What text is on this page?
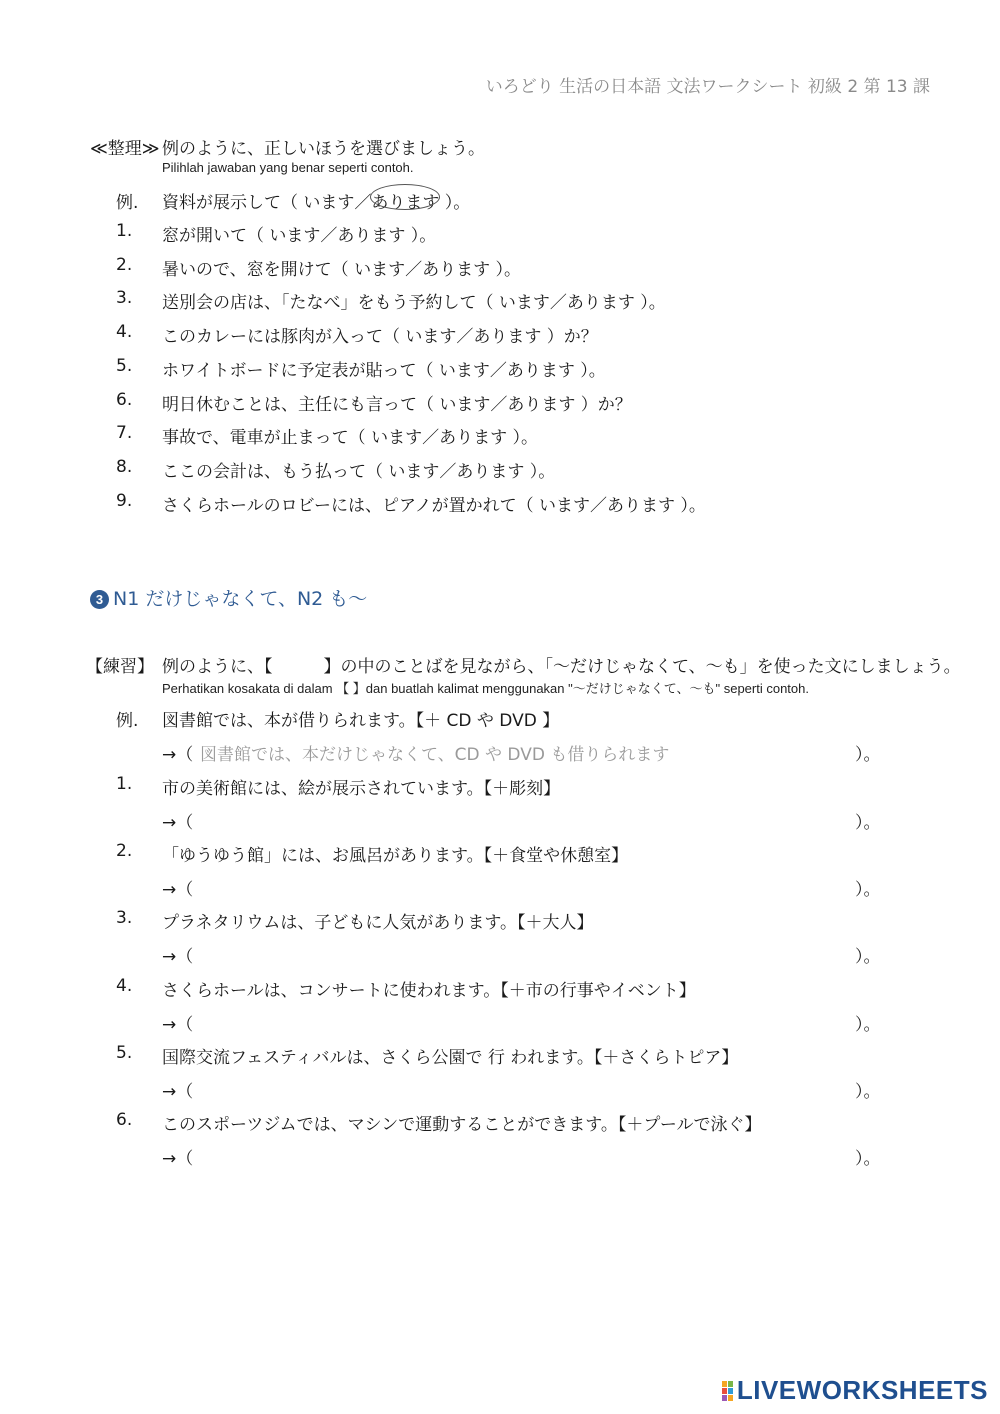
いろどり 生活の日本語 文法ワークシート 初級 2 第 13 課
≪整理≫ 例のように、正しいほうを選びましょう。
Pilihlah jawaban yang benar seperti contoh.
例. 資料が展示して（ います／あります ）。
1. 窓が開いて（ います／あります ）。
2. 暑いので、窓を開けて（ います／あります ）。
3. 送別会の店は、「たなべ」をもう予約して（ います／あります ）。
4. このカレーには豚肉が入って（ います／あります ）か？
5. ホワイトボードに予定表が貼って（ います／あります ）。
6. 明日休むことは、主任にも言って（ います／あります ）か？
7. 事故で、電車が止まって（ います／あります ）。
8. ここの会計は、もう払って（ います／あります ）。
9. さくらホールのロビーには、ピアノが置かれて（ います／あります ）。
3 N1 だけじゃなくて、N2 も〜
【練習】 例のように、【　　　】の中のことばを見ながら、「〜だけじゃなくて、〜も」を使った文にしましょう。
Perhatikan kosakata di dalam 【 】dan buatlah kalimat menggunakan "〜だけじゃなくて、〜も" seperti contoh.
例. 図書館では、本が借りられます。【＋ CD や DVD 】
→（ 図書館では、本だけじゃなくて、CD や DVD も借りられます	）。
1. 市の美術館には、絵が展示されています。【＋彫刻】
→（	）。
2. 「ゆうゆう館」には、お風呂があります。【＋食堂や休憩室】
→（	）。
3. プラネタリウムは、子どもに人気があります。【＋大人】
→（	）。
4. さくらホールは、コンサートに使われます。【＋市の行事やイベント】
→（	）。
5. 国際交流フェスティバルは、さくら公園で 行 われます。【＋さくらトピア】
→（	）。
6. このスポーツジムでは、マシンで運動することができます。【＋プールで泳ぐ】
→（	）。
LIVEWORKSHEETS
